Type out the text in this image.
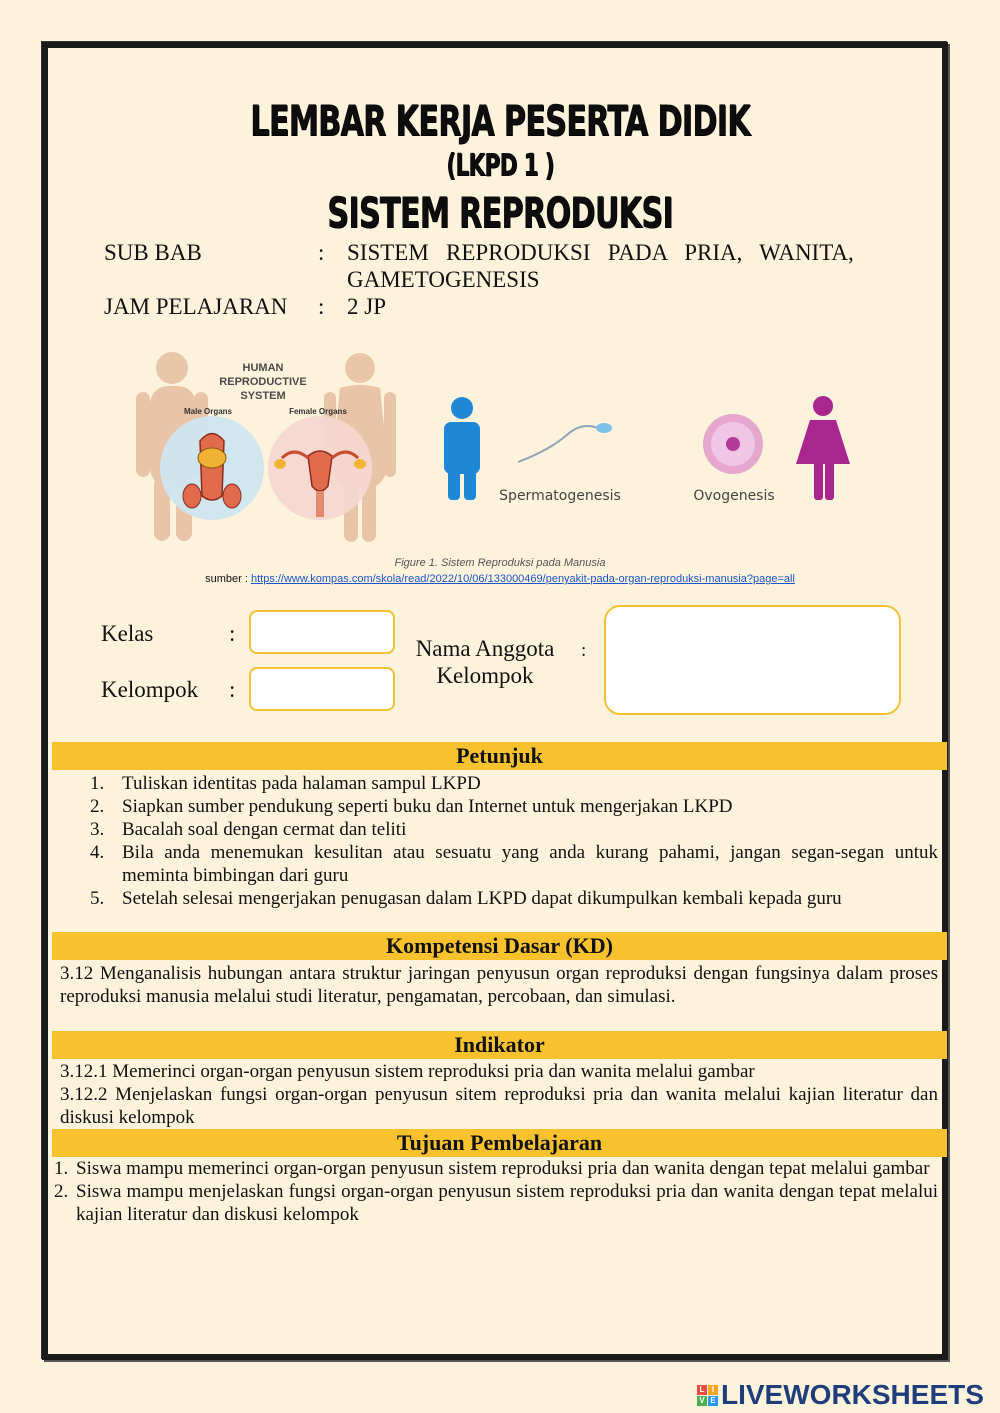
LEMBAR KERJA PESERTA DIDIK
(LKPD 1 )
SISTEM REPRODUKSI
SUB BAB	: SISTEM   REPRODUKSI   PADA   PRIA,   WANITA,
GAMETOGENESIS
JAM PELAJARAN : 2 JP
HUMAN
REPRODUCTIVE
SYSTEM
Male Organs	Female Organs
Spermatogenesis	Ovogenesis
Figure 1. Sistem Reproduksi pada Manusia
sumber : https://www.kompas.com/skola/read/2022/10/06/133000469/penyakit-pada-organ-reproduksi-manusia?page=all
Kelas	:
Kelompok :
Nama Anggota
Kelompok
:
Petunjuk
1. Tuliskan identitas pada halaman sampul LKPD
2. Siapkan sumber pendukung seperti buku dan Internet untuk mengerjakan LKPD
3. Bacalah soal dengan cermat dan teliti
4. Bila anda menemukan kesulitan atau sesuatu yang anda kurang pahami, jangan segan-segan untuk meminta bimbingan dari guru
5. Setelah selesai mengerjakan penugasan dalam LKPD dapat dikumpulkan kembali kepada guru
Kompetensi Dasar (KD)
3.12 Menganalisis hubungan antara struktur jaringan penyusun organ reproduksi dengan fungsinya dalam proses reproduksi manusia melalui studi literatur, pengamatan, percobaan, dan simulasi.
Indikator
3.12.1 Memerinci organ-organ penyusun sistem reproduksi pria dan wanita melalui gambar
3.12.2 Menjelaskan fungsi organ-organ penyusun sitem reproduksi pria dan wanita melalui kajian literatur dan diskusi kelompok
Tujuan Pembelajaran
1. Siswa mampu memerinci organ-organ penyusun sistem reproduksi pria dan wanita dengan tepat melalui gambar
2. Siswa mampu menjelaskan fungsi organ-organ penyusun sistem reproduksi pria dan wanita dengan tepat melalui kajian literatur dan diskusi kelompok
L I
V E LIVEWORKSHEETS
